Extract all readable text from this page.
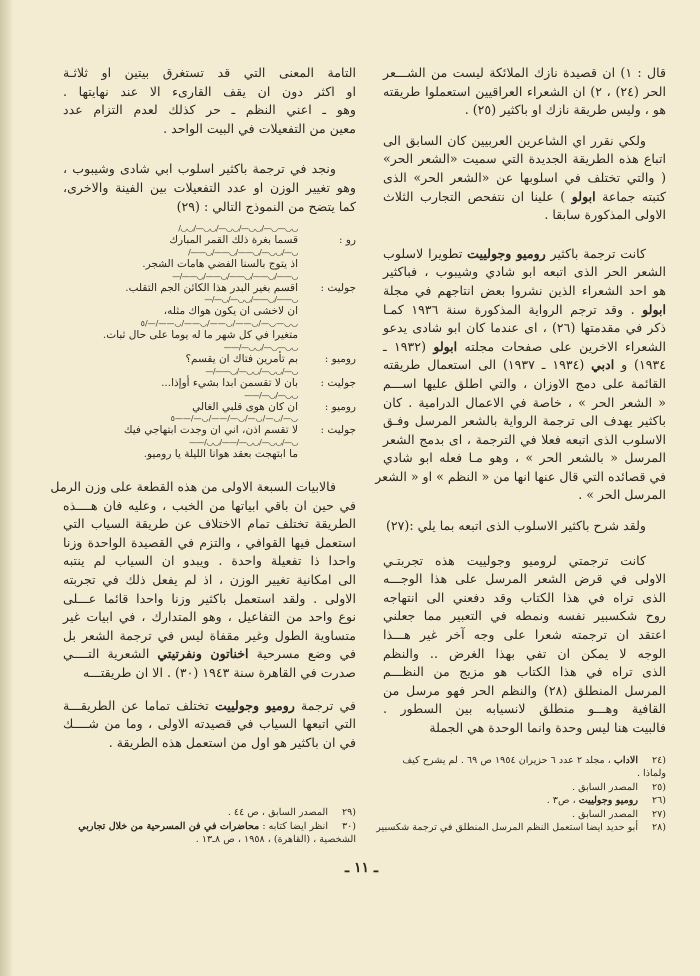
قال : ١) ان قصيدة نازك الملائكة ليست من الشـــعر
الحر (٢٤) ، ٢) ان الشعراء العراقيين استعملوا طريقته
هو ، وليس طريقة نازك او باكثير (٢٥) .
ولكي نقرر اي الشاعرين العربيين كان السابق الى
اتباع هذه الطريقة الجديدة التي سميت «الشعر الحر»
( والتي تختلف في اسلوبها عن «الشعر الحر» الذى
كتبته جماعة ابولو ) علينا ان نتفحص التجارب الثلاث
الاولى المذكورة سابقا .
كانت ترجمة باكثير روميو وجولييت تطويرا لاسلوب
الشعر الحر الذى اتبعه ابو شادي وشيبوب ، فباكثير
هو احد الشعراء الذين نشروا بعض انتاجهم في مجلة
ابولو . وقد ترجم الرواية المذكورة سنة ١٩٣٦ كمـا
ذكر في مقدمتها (٢٦) ، اى عندما كان ابو شادى يدعو
الشعراء الاخرين على صفحات مجلته ابولو (١٩٣٢ ـ
١٩٣٤) و ادبي (١٩٣٤ ـ ١٩٣٧) الى استعمال طريقته
القائمة على دمج الاوزان ، والتي اطلق عليها اســـم
« الشعر الحر » ، خاصة في الاعمال الدرامية . كان
باكثير يهدف الى ترجمة الرواية بالشعر المرسل وفـق
الاسلوب الذى اتبعه فعلا في الترجمة ، اى بدمج الشعر
المرسل « بالشعر الحر » ، وهو مـا فعله ابو شادي
في قصائده التي قال عنها انها من « النظم » او « الشعر
المرسل الحر » .
ولقد شرح باكثير الاسلوب الذى اتبعه بما يلي :(٢٧)
كانت ترجمتي لروميو وجولييت هذه تجربتـي
الاولى في قرض الشعر المرسل على هذا الوجـــه
الذى تراه في هذا الكتاب وقد دفعني الى انتهاجه
روح شكسبير نفسه ونمطه في التعبير مما جعلني
اعتقد ان ترجمته شعرا على وجه آخر غير هـــذا
الوجه لا يمكن ان تفي بهذا الغرض .. والنظم
الذى تراه في هذا الكتاب هو مزيج من النظـــم
المرسل المنطلق (٢٨) والنظم الحر فهو مرسل من
القافية وهـــو منطلق لانسيابه بين السطور .
فالبيت هنا ليس وحدة وانما الوحدة هي الجملة
(٢٤
الاداب ، مجلد ٢ عدد ٦ حزيران ١٩٥٤ ص ٦٩ . لم يشرح كيف
ولماذا .
(٢٥
المصدر السابق .
(٢٦
روميو وجولييت ، ص٣ .
(٢٧
المصدر السابق .
(٢٨
أبو حديد ايضا استعمل النظم المرسل المنطلق في ترجمة شكسبير
التامة المعنى التي قد تستغرق بيتين او ثلاثـة
او اكثر دون ان يقف القارىء الا عند نهايتها .
وهو ـ اعني النظم ـ حر كذلك لعدم التزام عدد
معين من التفعيلات في البيت الواحد .
ونجد في ترجمة باكثير اسلوب ابي شادى وشيبوب ،
وهو تغيير الوزن او عدد التفعيلات بين الفينة والاخرى،
كما يتضح من النموذج التالي : (٢٩)
◡◡—◡—/◡◡—/◡◡—/◡◡—/◡◡/
رو :
قسما بغرة ذلك القمر المبارك
◡—/◡◡—/◡——/◡——/◡——/
اذ يتوج بالسنا الفضي هامات الشجر.
◡——/◡——/◡——/◡——/◡——/—
جوليت :
اقسم بغير البدر هذا الكائن الجم التقلب.
◡——/◡——/◡◡—/◡—/—
ان لاخشى ان يكون هواك مثله،
◡◡—◡—/◡——/◡——/◡——/◡——/—/٥
متغيرا في كل شهر ما له يوما على حال ثبات.
◡◡—◡—/◡◡—/——
روميو :
بم تأمرين فتاك ان يقسم؟
◡—/◡◡—/◡◡—/◡——/—
جوليت :
بان لا تقسمن ابدا بشيء أوإذا...
◡◡—/◡—/——
روميو :
ان كان هوى قلبي الغالي
◡—/◡—/◡—/◡—/——/◡—/——٥
جوليت :
لا تقسم اذن، اني ان وجدت ابتهاجي فيك
◡—/◡◡—/◡◡—/——/◡◡/——
ما ابتهجت بعقد هوانا الليلة يا روميو.
فالابيات السبعة الاولى من هذه القطعة على وزن الرمل
في حين ان باقي ابياتها من الخبب ، وعليه فان هــــذه
الطريقة تختلف تمام الاختلاف عن طريقة السياب التي
استعمل فيها القوافي ، والتزم في القصيدة الواحدة وزنا
واحدا ذا تفعيلة واحدة . ويبدو ان السياب لم ينتبه
الى امكانية تغيير الوزن ، اذ لم يفعل ذلك في تجربته
الاولى . ولقد استعمل باكثير وزنا واحدا قائما عـــلى
نوع واحد من التفاعيل ، وهو المتدارك ، في ابيات غير
متساوية الطول وغير مقفاة ليس في ترجمة الشعر بل
في وضع مسرحية اخناتون ونفرتيتي الشعرية التــــي
صدرت في القاهرة سنة ١٩٤٣ (٣٠) . الا ان طريقتـــه
في ترجمة روميو وجولييت تختلف تماما عن الطريقـــة
التي اتبعها السياب في قصيدته الاولى ، وما من شــــك
في ان باكثير هو اول من استعمل هذه الطريقة .
(٢٩
المصدر السابق ، ص ٤٤ .
(٣٠
انظر ايضا كتابه : محاضرات في فن المسرحية من خلال تجاربي
الشخصية ، (القاهرة) ، ١٩٥٨ ، ص ٨ـ١٣ .
ـ ١١ ـ
